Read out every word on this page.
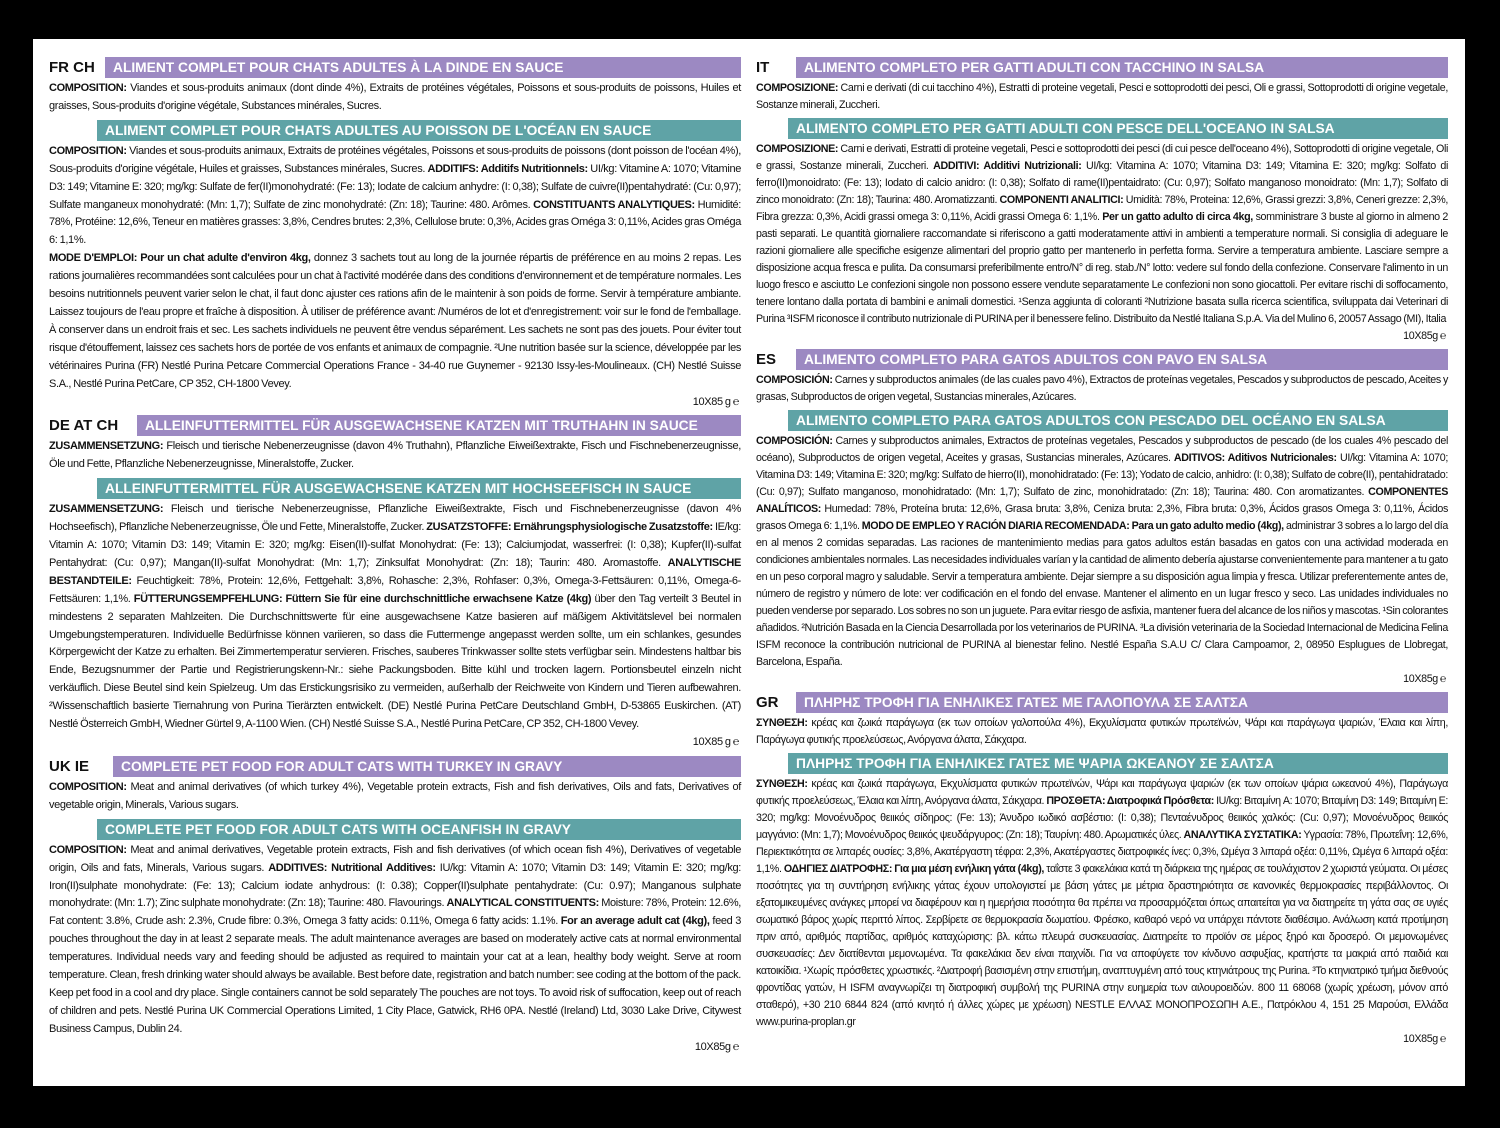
FR CH	ALIMENT COMPLET POUR CHATS ADULTES À LA DINDE EN SAUCE
COMPOSITION: Viandes et sous-produits animaux (dont dinde 4%), Extraits de protéines végétales, Poissons et sous-produits de poissons, Huiles et graisses, Sous-produits d'origine végétale, Substances minérales, Sucres.
ALIMENT COMPLET POUR CHATS ADULTES AU POISSON DE L'OCÉAN EN SAUCE
COMPOSITION: Viandes et sous-produits animaux, Extraits de protéines végétales, Poissons et sous-produits de poissons (dont poisson de l'océan 4%), Sous-produits d'origine végétale, Huiles et graisses, Substances minérales, Sucres. ADDITIFS: Additifs Nutritionnels: UI/kg: Vitamine A: 1070; Vitamine D3: 149; Vitamine E: 320; mg/kg: Sulfate de fer(II)monohydraté: (Fe: 13); Iodate de calcium anhydre: (I: 0,38); Sulfate de cuivre(II)pentahydraté: (Cu: 0,97); Sulfate manganeux monohydraté: (Mn: 1,7); Sulfate de zinc monohydraté: (Zn: 18); Taurine: 480. Arômes. CONSTITUANTS ANALYTIQUES: Humidité: 78%, Protéine: 12,6%, Teneur en matières grasses: 3,8%, Cendres brutes: 2,3%, Cellulose brute: 0,3%, Acides gras Oméga 3: 0,11%, Acides gras Oméga 6: 1,1%.
MODE D'EMPLOI: Pour un chat adulte d'environ 4kg, donnez 3 sachets tout au long de la journée répartis de préférence en au moins 2 repas. Les rations journalières recommandées sont calculées pour un chat à l'activité modérée dans des conditions d'environnement et de température normales. Les besoins nutritionnels peuvent varier selon le chat, il faut donc ajuster ces rations afin de le maintenir à son poids de forme. Servir à température ambiante. Laissez toujours de l'eau propre et fraîche à disposition. À utiliser de préférence avant: /Numéros de lot et d'enregistrement: voir sur le fond de l'emballage. À conserver dans un endroit frais et sec. Les sachets individuels ne peuvent être vendus séparément. Les sachets ne sont pas des jouets. Pour éviter tout risque d'étouffement, laissez ces sachets hors de portée de vos enfants et animaux de compagnie. ²Une nutrition basée sur la science, développée par les vétérinaires Purina (FR) Nestlé Purina Petcare Commercial Operations France - 34-40 rue Guynemer - 92130 Issy-les-Moulineaux. (CH) Nestlé Suisse S.A., Nestlé Purina PetCare, CP 352, CH-1800 Vevey.
10X85 g ℮
DE AT CH	ALLEINFUTTERMITTEL FÜR AUSGEWACHSENE KATZEN MIT TRUTHAHN IN SAUCE
ZUSAMMENSETZUNG: Fleisch und tierische Nebenerzeugnisse (davon 4% Truthahn), Pflanzliche Eiweißextrakte, Fisch und Fischnebenerzeugnisse, Öle und Fette, Pflanzliche Nebenerzeugnisse, Mineralstoffe, Zucker.
ALLEINFUTTERMITTEL FÜR AUSGEWACHSENE KATZEN MIT HOCHSEEFISCH IN SAUCE
ZUSAMMENSETZUNG: Fleisch und tierische Nebenerzeugnisse, Pflanzliche Eiweißextrakte, Fisch und Fischnebenerzeugnisse (davon 4% Hochseefisch), Pflanzliche Nebenerzeugnisse, Öle und Fette, Mineralstoffe, Zucker. ZUSATZSTOFFE: Ernährungsphysiologische Zusatzstoffe: IE/kg: Vitamin A: 1070; Vitamin D3: 149; Vitamin E: 320; mg/kg: Eisen(II)-sulfat Monohydrat: (Fe: 13); Calciumjodat, wasserfrei: (I: 0,38); Kupfer(II)-sulfat Pentahydrat: (Cu: 0,97); Mangan(II)-sulfat Monohydrat: (Mn: 1,7); Zinksulfat Monohydrat: (Zn: 18); Taurin: 480. Aromastoffe. ANALYTISCHE BESTANDTEILE: Feuchtigkeit: 78%, Protein: 12,6%, Fettgehalt: 3,8%, Rohasche: 2,3%, Rohfaser: 0,3%, Omega-3-Fettsäuren: 0,11%, Omega-6-Fettsäuren: 1,1%. FÜTTERUNGSEMPFEHLUNG: Füttern Sie für eine durchschnittliche erwachsene Katze (4kg) über den Tag verteilt 3 Beutel in mindestens 2 separaten Mahlzeiten. Die Durchschnittswerte für eine ausgewachsene Katze basieren auf mäßigem Aktivitätslevel bei normalen Umgebungstemperaturen. Individuelle Bedürfnisse können variieren, so dass die Futtermenge angepasst werden sollte, um ein schlankes, gesundes Körpergewicht der Katze zu erhalten. Bei Zimmertemperatur servieren. Frisches, sauberes Trinkwasser sollte stets verfügbar sein. Mindestens haltbar bis Ende, Bezugsnummer der Partie und Registrierungskenn-Nr.: siehe Packungsboden. Bitte kühl und trocken lagern. Portionsbeutel einzeln nicht verkäuflich. Diese Beutel sind kein Spielzeug. Um das Erstickungsrisiko zu vermeiden, außerhalb der Reichweite von Kindern und Tieren aufbewahren. ²Wissenschaftlich basierte Tiernahrung von Purina Tierärzten entwickelt. (DE) Nestlé Purina PetCare Deutschland GmbH, D-53865 Euskirchen. (AT) Nestlé Österreich GmbH, Wiedner Gürtel 9, A-1100 Wien. (CH) Nestlé Suisse S.A., Nestlé Purina PetCare, CP 352, CH-1800 Vevey.
10X85 g ℮
UK IE	COMPLETE PET FOOD FOR ADULT CATS WITH TURKEY IN GRAVY
COMPOSITION: Meat and animal derivatives (of which turkey 4%), Vegetable protein extracts, Fish and fish derivatives, Oils and fats, Derivatives of vegetable origin, Minerals, Various sugars.
COMPLETE PET FOOD FOR ADULT CATS WITH OCEANFISH IN GRAVY
COMPOSITION: Meat and animal derivatives, Vegetable protein extracts, Fish and fish derivatives (of which ocean fish 4%), Derivatives of vegetable origin, Oils and fats, Minerals, Various sugars. ADDITIVES: Nutritional Additives: IU/kg: Vitamin A: 1070; Vitamin D3: 149; Vitamin E: 320; mg/kg: Iron(II)sulphate monohydrate: (Fe: 13); Calcium iodate anhydrous: (I: 0.38); Copper(II)sulphate pentahydrate: (Cu: 0.97); Manganous sulphate monohydrate: (Mn: 1.7); Zinc sulphate monohydrate: (Zn: 18); Taurine: 480. Flavourings. ANALYTICAL CONSTITUENTS: Moisture: 78%, Protein: 12.6%, Fat content: 3.8%, Crude ash: 2.3%, Crude fibre: 0.3%, Omega 3 fatty acids: 0.11%, Omega 6 fatty acids: 1.1%. For an average adult cat (4kg), feed 3 pouches throughout the day in at least 2 separate meals. The adult maintenance averages are based on moderately active cats at normal environmental temperatures. Individual needs vary and feeding should be adjusted as required to maintain your cat at a lean, healthy body weight. Serve at room temperature. Clean, fresh drinking water should always be available. Best before date, registration and batch number: see coding at the bottom of the pack. Keep pet food in a cool and dry place. Single containers cannot be sold separately The pouches are not toys. To avoid risk of suffocation, keep out of reach of children and pets. Nestlé Purina UK Commercial Operations Limited, 1 City Place, Gatwick, RH6 0PA. Nestlé (Ireland) Ltd, 3030 Lake Drive, Citywest Business Campus, Dublin 24.
10X85g ℮
IT	ALIMENTO COMPLETO PER GATTI ADULTI CON TACCHINO IN SALSA
COMPOSIZIONE: Carni e derivati (di cui tacchino 4%), Estratti di proteine vegetali, Pesci e sottoprodotti dei pesci, Oli e grassi, Sottoprodotti di origine vegetale, Sostanze minerali, Zuccheri.
ALIMENTO COMPLETO PER GATTI ADULTI CON PESCE DELL'OCEANO IN SALSA
COMPOSIZIONE: Carni e derivati, Estratti di proteine vegetali, Pesci e sottoprodotti dei pesci (di cui pesce dell'oceano 4%), Sottoprodotti di origine vegetale, Oli e grassi, Sostanze minerali, Zuccheri. ADDITIVI: Additivi Nutrizionali: UI/kg: Vitamina A: 1070; Vitamina D3: 149; Vitamina E: 320; mg/kg: Solfato di ferro(II)monoidrato: (Fe: 13); Iodato di calcio anidro: (I: 0,38); Solfato di rame(II)pentaidrato: (Cu: 0,97); Solfato manganoso monoidrato: (Mn: 1,7); Solfato di zinco monoidrato: (Zn: 18); Taurina: 480. Aromatizzanti. COMPONENTI ANALITICI: Umidità: 78%, Proteina: 12,6%, Grassi grezzi: 3,8%, Ceneri grezze: 2,3%, Fibra grezza: 0,3%, Acidi grassi omega 3: 0,11%, Acidi grassi Omega 6: 1,1%. Per un gatto adulto di circa 4kg, somministrare 3 buste al giorno in almeno 2 pasti separati. Le quantità giornaliere raccomandate si riferiscono a gatti moderatamente attivi in ambienti a temperature normali. Si consiglia di adeguare le razioni giornaliere alle specifiche esigenze alimentari del proprio gatto per mantenerlo in perfetta forma. Servire a temperatura ambiente. Lasciare sempre a disposizione acqua fresca e pulita. Da consumarsi preferibilmente entro/N° di reg. stab./N° lotto: vedere sul fondo della confezione. Conservare l'alimento in un luogo fresco e asciutto Le confezioni singole non possono essere vendute separatamente Le confezioni non sono giocattoli. Per evitare rischi di soffocamento, tenere lontano dalla portata di bambini e animali domestici. ¹Senza aggiunta di coloranti ²Nutrizione basata sulla ricerca scientifica, sviluppata dai Veterinari di Purina ³ISFM riconosce il contributo nutrizionale di PURINA per il benessere felino. Distribuito da Nestlé Italiana S.p.A. Via del Mulino 6, 20057 Assago (MI), Italia
10X85g ℮
ES	ALIMENTO COMPLETO PARA GATOS ADULTOS CON PAVO EN SALSA
COMPOSICIÓN: Carnes y subproductos animales (de las cuales pavo 4%), Extractos de proteínas vegetales, Pescados y subproductos de pescado, Aceites y grasas, Subproductos de origen vegetal, Sustancias minerales, Azúcares.
ALIMENTO COMPLETO PARA GATOS ADULTOS CON PESCADO DEL OCÉANO EN SALSA
COMPOSICIÓN: Carnes y subproductos animales, Extractos de proteínas vegetales, Pescados y subproductos de pescado (de los cuales 4% pescado del océano), Subproductos de origen vegetal, Aceites y grasas, Sustancias minerales, Azúcares. ADITIVOS: Aditivos Nutricionales: UI/kg: Vitamina A: 1070; Vitamina D3: 149; Vitamina E: 320; mg/kg: Sulfato de hierro(II), monohidratado: (Fe: 13); Yodato de calcio, anhidro: (I: 0,38); Sulfato de cobre(II), pentahidratado: (Cu: 0,97); Sulfato manganoso, monohidratado: (Mn: 1,7); Sulfato de zinc, monohidratado: (Zn: 18); Taurina: 480. Con aromatizantes. COMPONENTES ANALÍTICOS: Humedad: 78%, Proteína bruta: 12,6%, Grasa bruta: 3,8%, Ceniza bruta: 2,3%, Fibra bruta: 0,3%, Ácidos grasos Omega 3: 0,11%, Ácidos grasos Omega 6: 1,1%. MODO DE EMPLEO Y RACIÓN DIARIA RECOMENDADA: Para un gato adulto medio (4kg), administrar 3 sobres a lo largo del día en al menos 2 comidas separadas. Las raciones de mantenimiento medias para gatos adultos están basadas en gatos con una actividad moderada en condiciones ambientales normales. Las necesidades individuales varían y la cantidad de alimento debería ajustarse convenientemente para mantener a tu gato en un peso corporal magro y saludable. Servir a temperatura ambiente. Dejar siempre a su disposición agua limpia y fresca. Utilizar preferentemente antes de, número de registro y número de lote: ver codificación en el fondo del envase. Mantener el alimento en un lugar fresco y seco. Las unidades individuales no pueden venderse por separado. Los sobres no son un juguete. Para evitar riesgo de asfixia, mantener fuera del alcance de los niños y mascotas. ¹Sin colorantes añadidos. ²Nutrición Basada en la Ciencia Desarrollada por los veterinarios de PURINA. ³La división veterinaria de la Sociedad Internacional de Medicina Felina ISFM reconoce la contribución nutricional de PURINA al bienestar felino. Nestlé España S.A.U C/ Clara Campoamor, 2, 08950 Esplugues de Llobregat, Barcelona, España.
10X85g ℮
GR	ΠΛΗΡΗΣ ΤΡΟΦΗ ΓΙΑ ΕΝΗΛΙΚΕΣ ΓΑΤΕΣ ΜΕ ΓΑΛΟΠΟΥΛΑ ΣΕ ΣΑΛΤΣΑ
ΣΥΝΘΕΣΗ: κρέας και ζωικά παράγωγα (εκ των οποίων γαλοπούλα 4%), Εκχυλίσματα φυτικών πρωτεϊνών, Ψάρι και παράγωγα ψαριών, Έλαια και λίπη, Παράγωγα φυτικής προελεύσεως, Ανόργανα άλατα, Σάκχαρα.
ΠΛΗΡΗΣ ΤΡΟΦΗ ΓΙΑ ΕΝΗΛΙΚΕΣ ΓΑΤΕΣ ΜΕ ΨΑΡΙΑ ΩΚΕΑΝΟΥ ΣΕ ΣΑΛΤΣΑ
ΣΥΝΘΕΣΗ: κρέας και ζωικά παράγωγα, Εκχυλίσματα φυτικών πρωτεϊνών, Ψάρι και παράγωγα ψαριών (εκ των οποίων ψάρια ωκεανού 4%), Παράγωγα φυτικής προελεύσεως, Έλαια και λίπη, Ανόργανα άλατα, Σάκχαρα. ΠΡΟΣΘΕΤΑ: Διατροφικά Πρόσθετα: IU/kg: Βιταμίνη A: 1070; Βιταμίνη D3: 149; Βιταμίνη E: 320; mg/kg: Μονοένυδρος θειικός σίδηρος: (Fe: 13); Άνυδρο ιωδικό ασβέστιο: (I: 0,38); Πενταένυδρος θειικός χαλκός: (Cu: 0,97); Μονοένυδρος θειικός μαγγάνιο: (Mn: 1,7); Μονοένυδρος θειικός ψευδάργυρος: (Zn: 18); Ταυρίνη: 480. Αρωματικές ύλες. ΑΝΑΛΥΤΙΚΑ ΣΥΣΤΑΤΙΚΑ: Υγρασία: 78%, Πρωτεΐνη: 12,6%, Περιεκτικότητα σε λιπαρές ουσίες: 3,8%, Ακατέργαστη τέφρα: 2,3%, Ακατέργαστες διατροφικές ίνες: 0,3%, Ωμέγα 3 λιπαρά οξέα: 0,11%, Ωμέγα 6 λιπαρά οξέα: 1,1%. ΟΔΗΓΙΕΣ ΔΙΑΤΡΟΦΗΣ: Για μια μέση ενήλικη γάτα (4kg), ταΐστε 3 φακελάκια κατά τη διάρκεια της ημέρας σε τουλάχιστον 2 χωριστά γεύματα. Οι μέσες ποσότητες για τη συντήρηση ενήλικης γάτας έχουν υπολογιστεί με βάση γάτες με μέτρια δραστηριότητα σε κανονικές θερμοκρασίες περιβάλλοντος. Οι εξατομικευμένες ανάγκες μπορεί να διαφέρουν και η ημερήσια ποσότητα θα πρέπει να προσαρμόζεται όπως απαιτείται για να διατηρείτε τη γάτα σας σε υγιές σωματικό βάρος χωρίς περιττό λίπος. Σερβίρετε σε θερμοκρασία δωματίου. Φρέσκο, καθαρό νερό να υπάρχει πάντοτε διαθέσιμο. Ανάλωση κατά προτίμηση πριν από, αριθμός παρτίδας, αριθμός καταχώρισης: βλ. κάτω πλευρά συσκευασίας. Διατηρείτε το προϊόν σε μέρος ξηρό και δροσερό. Οι μεμονωμένες συσκευασίες: Δεν διατίθενται μεμονωμένα. Τα φακελάκια δεν είναι παιχνίδι. Για να αποφύγετε τον κίνδυνο ασφυξίας, κρατήστε τα μακριά από παιδιά και κατοικίδια. ¹Χωρίς πρόσθετες χρωστικές. ²Διατροφή βασισμένη στην επιστήμη, αναπτυγμένη από τους κτηνιάτρους της Purina. ³Το κτηνιατρικό τμήμα διεθνούς φροντίδας γατών, Η ISFM αναγνωρίζει τη διατροφική συμβολή της PURINA στην ευημερία των αιλουροειδών. 800 11 68068 (χωρίς χρέωση, μόνον από σταθερό), +30 210 6844 824 (από κινητό ή άλλες χώρες με χρέωση) NESTLE ΕΛΛΑΣ ΜΟΝΟΠΡΟΣΩΠΗ Α.Ε., Πατρόκλου 4, 151 25 Μαρούσι, Ελλάδα www.purina-proplan.gr
10X85g ℮
